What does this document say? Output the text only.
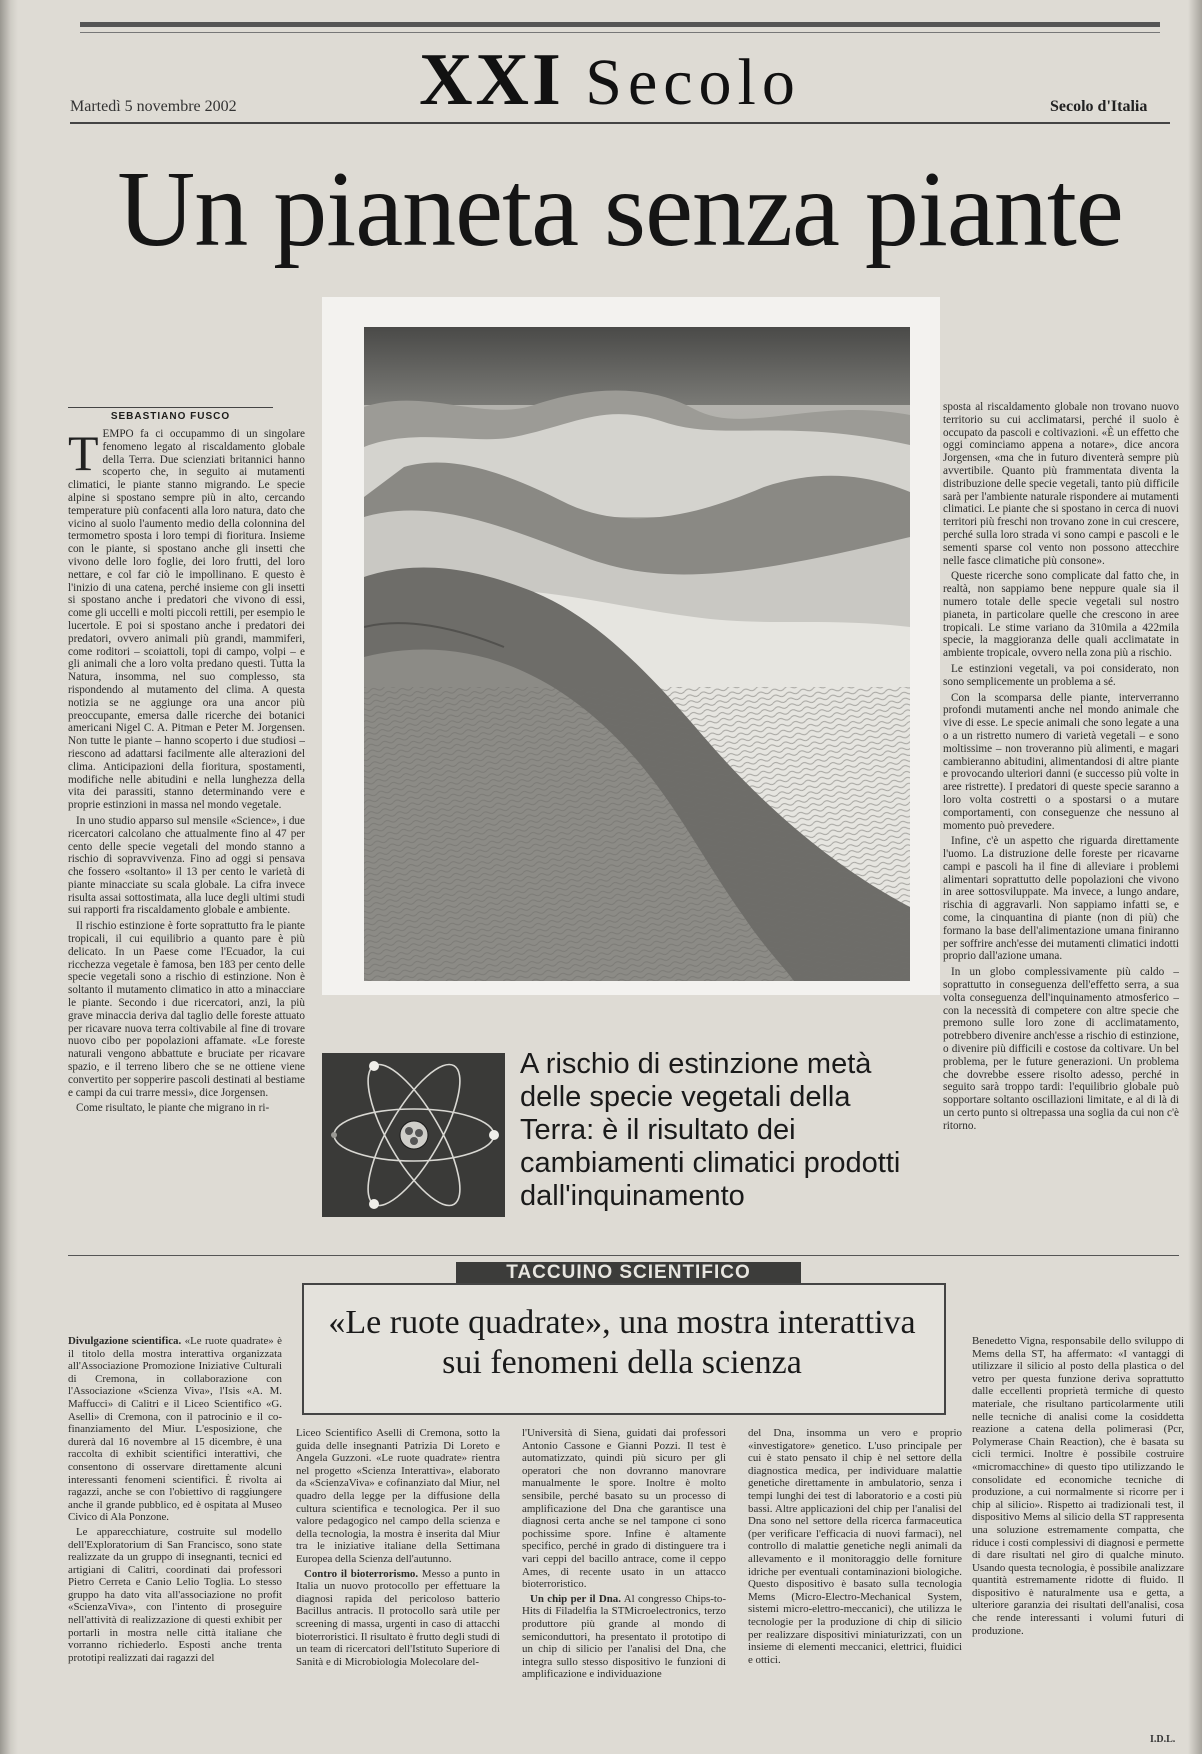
XXI Secolo
Martedì 5 novembre 2002	Secolo d'Italia
Un pianeta senza piante
SEBASTIANO FUSCO

TEMPO fa ci occupammo di un singolare fenomeno legato al riscaldamento globale della Terra. Due scienziati britannici hanno scoperto che, in seguito ai mutamenti climatici, le piante stanno migrando. Le specie alpine si spostano sempre più in alto, cercando temperature più confacenti alla loro natura, dato che vicino al suolo l'aumento medio della colonnina del termometro sposta i loro tempi di fioritura. Insieme con le piante, si spostano anche gli insetti che vivono delle loro foglie, dei loro frutti, del loro nettare, e col far ciò le impollinano. E questo è l'inizio di una catena, perché insieme con gli insetti si spostano anche i predatori che vivono di essi, come gli uccelli e molti piccoli rettili, per esempio le lucertole. E poi si spostano anche i predatori dei predatori, ovvero animali più grandi, mammiferi, come roditori – scoiattoli, topi di campo, volpi – e gli animali che a loro volta predano questi. Tutta la Natura, insomma, nel suo complesso, sta rispondendo al mutamento del clima. A questa notizia se ne aggiunge ora una ancor più preoccupante, emersa dalle ricerche dei botanici americani Nigel C. A. Pitman e Peter M. Jorgensen. Non tutte le piante – hanno scoperto i due studiosi – riescono ad adattarsi facilmente alle alterazioni del clima. Anticipazioni della fioritura, spostamenti, modifiche nelle abitudini e nella lunghezza della vita dei parassiti, stanno determinando vere e proprie estinzioni in massa nel mondo vegetale.

In uno studio apparso sul mensile «Science», i due ricercatori calcolano che attualmente fino al 47 per cento delle specie vegetali del mondo stanno a rischio di sopravvivenza. Fino ad oggi si pensava che fossero «soltanto» il 13 per cento le varietà di piante minacciate su scala globale. La cifra invece risulta assai sottostimata, alla luce degli ultimi studi sui rapporti fra riscaldamento globale e ambiente.

Il rischio estinzione è forte soprattutto fra le piante tropicali, il cui equilibrio a quanto pare è più delicato. In un Paese come l'Ecuador, la cui ricchezza vegetale è famosa, ben 183 per cento delle specie vegetali sono a rischio di estinzione. Non è soltanto il mutamento climatico in atto a minacciare le piante. Secondo i due ricercatori, anzi, la più grave minaccia deriva dal taglio delle foreste attuato per ricavare nuova terra coltivabile al fine di trovare nuovo cibo per popolazioni affamate. «Le foreste naturali vengono abbattute e bruciate per ricavare spazio, e il terreno libero che se ne ottiene viene convertito per sopperire pascoli destinati al bestiame e campi da cui trarre messi», dice Jorgensen.

Come risultato, le piante che migrano in ri-

sposta al riscaldamento globale non trovano nuovo territorio su cui acclimatarsi, perché il suolo è occupato da pascoli e coltivazioni. «È un effetto che oggi cominciamo appena a notare», dice ancora Jorgensen, «ma che in futuro diventerà sempre più avvertibile. Quanto più frammentata diventa la distribuzione delle specie vegetali, tanto più difficile sarà per l'ambiente naturale rispondere ai mutamenti climatici. Le piante che si spostano in cerca di nuovi territori più freschi non trovano zone in cui crescere, perché sulla loro strada vi sono campi e pascoli e le sementi sparse col vento non possono attecchire nelle fasce climatiche più consone».

Queste ricerche sono complicate dal fatto che, in realtà, non sappiamo bene neppure quale sia il numero totale delle specie vegetali sul nostro pianeta, in particolare quelle che crescono in aree tropicali. Le stime variano da 310mila a 422mila specie, la maggioranza delle quali acclimatate in ambiente tropicale, ovvero nella zona più a rischio.

Le estinzioni vegetali, va poi considerato, non sono semplicemente un problema a sé.

Con la scomparsa delle piante, interverranno profondi mutamenti anche nel mondo animale che vive di esse. Le specie animali che sono legate a una o a un ristretto numero di varietà vegetali – e sono moltissime – non troveranno più alimenti, e magari cambieranno abitudini, alimentandosi di altre piante e provocando ulteriori danni (e successo più volte in aree ristrette). I predatori di queste specie saranno a loro volta costretti o a spostarsi o a mutare comportamenti, con conseguenze che nessuno al momento può prevedere.

Infine, c'è un aspetto che riguarda direttamente l'uomo. La distruzione delle foreste per ricavarne campi e pascoli ha il fine di alleviare i problemi alimentari soprattutto delle popolazioni che vivono in aree sottosviluppate. Ma invece, a lungo andare, rischia di aggravarli. Non sappiamo infatti se, e come, la cinquantina di piante (non di più) che formano la base dell'alimentazione umana finiranno per soffrire anch'esse dei mutamenti climatici indotti proprio dall'azione umana.

In un globo complessivamente più caldo – soprattutto in conseguenza dell'effetto serra, a sua volta conseguenza dell'inquinamento atmosferico – con la necessità di competere con altre specie che premono sulle loro zone di acclimatamento, potrebbero divenire anch'esse a rischio di estinzione, o divenire più difficili e costose da coltivare. Un bel problema, per le future generazioni. Un problema che dovrebbe essere risolto adesso, perché in seguito sarà troppo tardi: l'equilibrio globale può sopportare soltanto oscillazioni limitate, e al di là di un certo punto si oltrepassa una soglia da cui non c'è ritorno.

A rischio di estinzione metà delle specie vegetali della Terra: è il risultato dei cambiamenti climatici prodotti dall'inquinamento
TACCUINO SCIENTIFICO
«Le ruote quadrate», una mostra interattiva sui fenomeni della scienza

Divulgazione scientifica. «Le ruote quadrate» è il titolo della mostra interattiva organizzata all'Associazione Promozione Iniziative Culturali di Cremona, in collaborazione con l'Associazione «Scienza Viva», l'Isis «A. M. Maffucci» di Calitri e il Liceo Scientifico «G. Aselli» di Cremona, con il patrocinio e il co-finanziamento del Miur. L'esposizione, che durerà dal 16 novembre al 15 dicembre, è una raccolta di exhibit scientifici interattivi, che consentono di osservare direttamente alcuni interessanti fenomeni scientifici. È rivolta ai ragazzi, anche se con l'obiettivo di raggiungere anche il grande pubblico, ed è ospitata al Museo Civico di Ala Ponzone.

Le apparecchiature, costruite sul modello dell'Exploratorium di San Francisco, sono state realizzate da un gruppo di insegnanti, tecnici ed artigiani di Calitri, coordinati dai professori Pietro Cerreta e Canio Lelio Toglia. Lo stesso gruppo ha dato vita all'associazione no profit «ScienzaViva», con l'intento di proseguire nell'attività di realizzazione di questi exhibit per portarli in mostra nelle città italiane che vorranno richiederlo. Esposti anche trenta prototipi realizzati dai ragazzi del

Liceo Scientifico Aselli di Cremona, sotto la guida delle insegnanti Patrizia Di Loreto e Angela Guzzoni. «Le ruote quadrate» rientra nel progetto «Scienza Interattiva», elaborato da «ScienzaViva» e cofinanziato dal Miur, nel quadro della legge per la diffusione della cultura scientifica e tecnologica. Per il suo valore pedagogico nel campo della scienza e della tecnologia, la mostra è inserita dal Miur tra le iniziative italiane della Settimana Europea della Scienza dell'autunno.

Contro il bioterrorismo. Messo a punto in Italia un nuovo protocollo per effettuare la diagnosi rapida del pericoloso batterio Bacillus antracis. Il protocollo sarà utile per screening di massa, urgenti in caso di attacchi bioterroristici. Il risultato è frutto degli studi di un team di ricercatori dell'Istituto Superiore di Sanità e di Microbiologia Molecolare del-

l'Università di Siena, guidati dai professori Antonio Cassone e Gianni Pozzi. Il test è automatizzato, quindi più sicuro per gli operatori che non dovranno manovrare manualmente le spore. Inoltre è molto sensibile, perché basato su un processo di amplificazione del Dna che garantisce una diagnosi certa anche se nel tampone ci sono pochissime spore. Infine è altamente specifico, perché in grado di distinguere tra i vari ceppi del bacillo antrace, come il ceppo Ames, di recente usato in un attacco bioterroristico.

Un chip per il Dna. Al congresso Chips-to-Hits di Filadelfia la STMicroelectronics, terzo produttore più grande al mondo di semiconduttori, ha presentato il prototipo di un chip di silicio per l'analisi del Dna, che integra sullo stesso dispositivo le funzioni di amplificazione e individuazione

del Dna, insomma un vero e proprio «investigatore» genetico. L'uso principale per cui è stato pensato il chip è nel settore della diagnostica medica, per individuare malattie genetiche direttamente in ambulatorio, senza i tempi lunghi dei test di laboratorio e a costi più bassi. Altre applicazioni del chip per l'analisi del Dna sono nel settore della ricerca farmaceutica (per verificare l'efficacia di nuovi farmaci), nel controllo di malattie genetiche negli animali da allevamento e il monitoraggio delle forniture idriche per eventuali contaminazioni biologiche. Questo dispositivo è basato sulla tecnologia Mems (Micro-Electro-Mechanical System, sistemi micro-elettro-meccanici), che utilizza le tecnologie per la produzione di chip di silicio per realizzare dispositivi miniaturizzati, con un insieme di elementi meccanici, elettrici, fluidici e ottici.

Benedetto Vigna, responsabile dello sviluppo di Mems della ST, ha affermato: «I vantaggi di utilizzare il silicio al posto della plastica o del vetro per questa funzione deriva soprattutto dalle eccellenti proprietà termiche di questo materiale, che risultano particolarmente utili nelle tecniche di analisi come la cosiddetta reazione a catena della polimerasi (Pcr, Polymerase Chain Reaction), che è basata su cicli termici. Inoltre è possibile costruire «micromacchine» di questo tipo utilizzando le consolidate ed economiche tecniche di produzione, a cui normalmente si ricorre per i chip al silicio». Rispetto ai tradizionali test, il dispositivo Mems al silicio della ST rappresenta una soluzione estremamente compatta, che riduce i costi complessivi di diagnosi e permette di dare risultati nel giro di qualche minuto. Usando questa tecnologia, è possibile analizzare quantità estremamente ridotte di fluido. Il dispositivo è naturalmente usa e getta, a ulteriore garanzia dei risultati dell'analisi, cosa che rende interessanti i volumi futuri di produzione.

I.D.L.
